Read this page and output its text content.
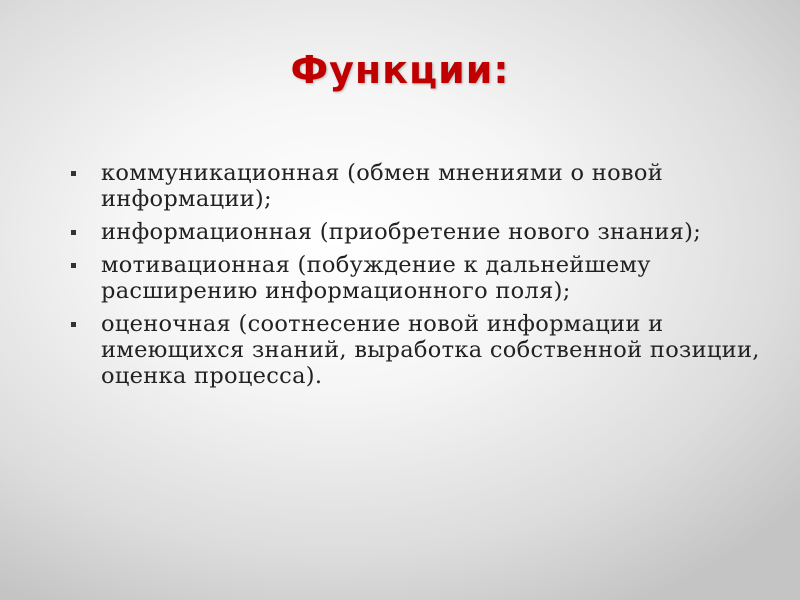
Функции:
коммуникационная (обмен мнениями о новой информации);
информационная (приобретение нового знания);
мотивационная (побуждение к дальнейшему расширению информационного поля);
оценочная (соотнесение новой информации и имеющихся знаний, выработка собственной позиции, оценка процесса).
